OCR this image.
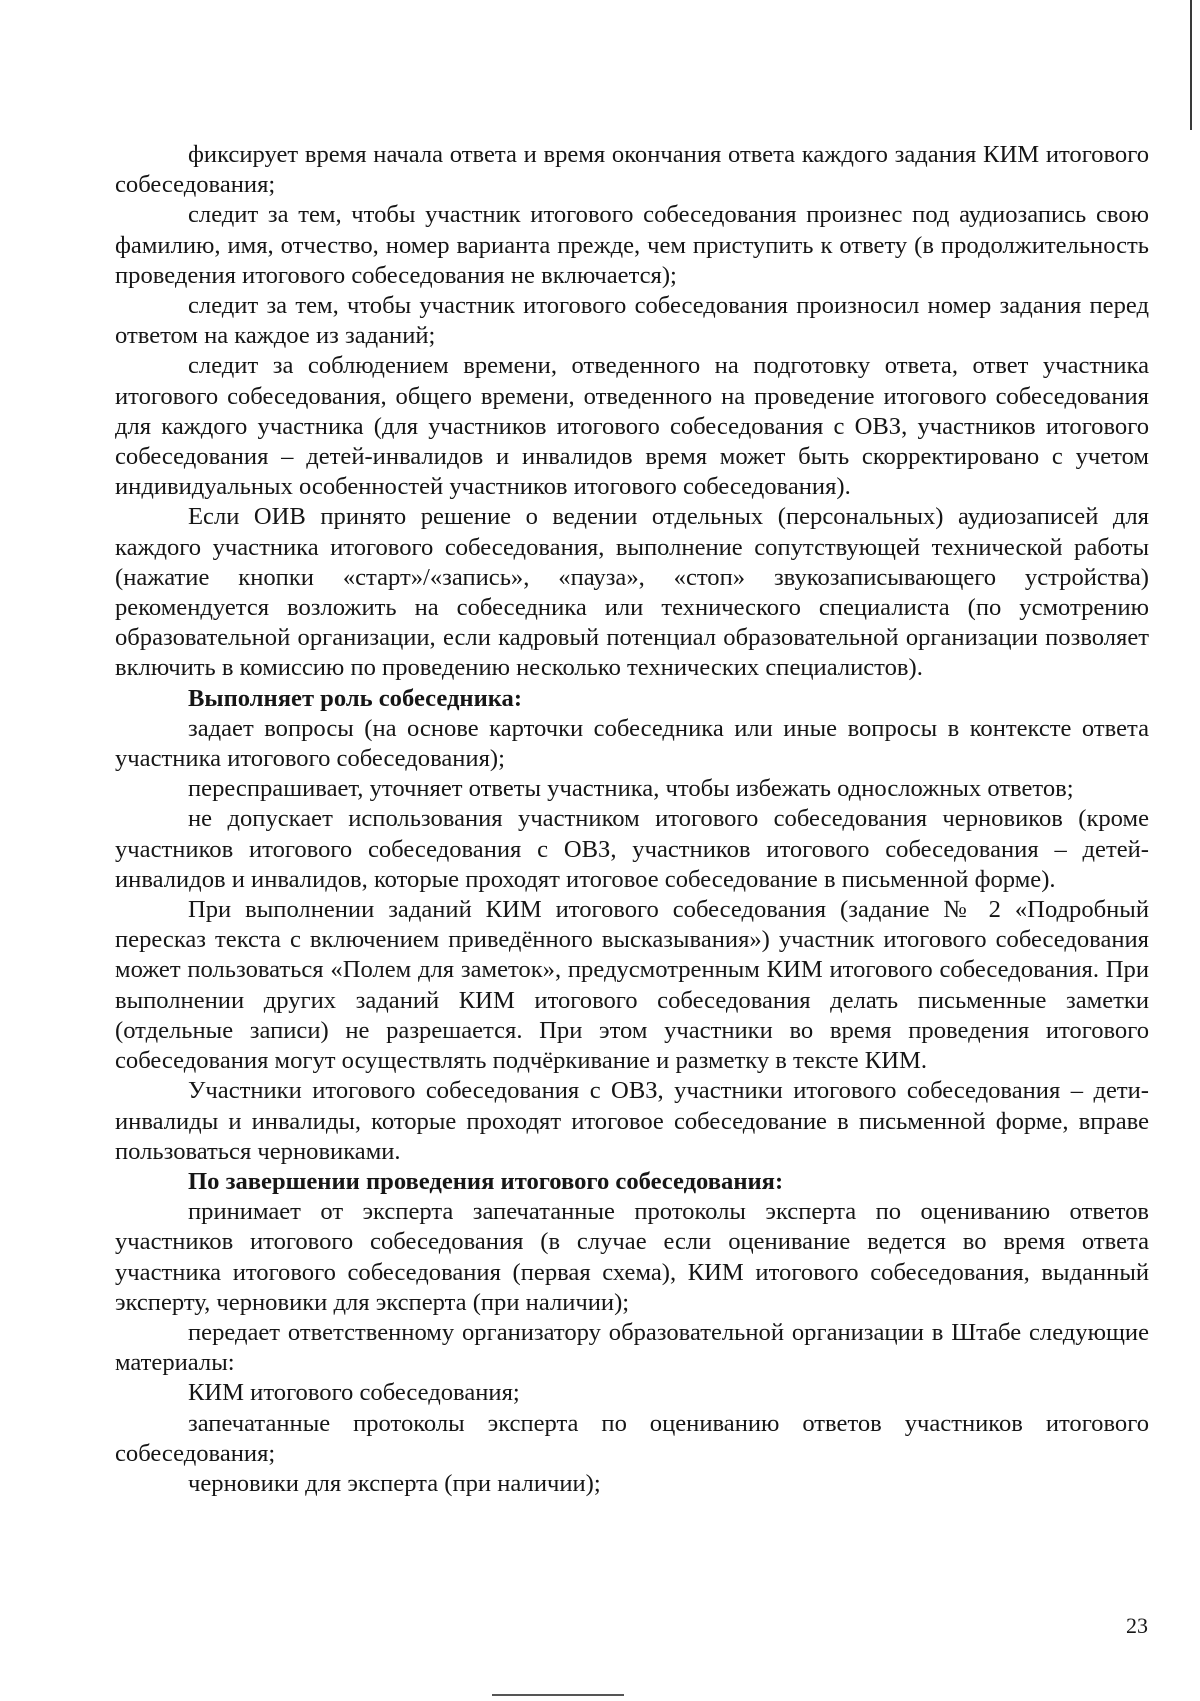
фиксирует время начала ответа и время окончания ответа каждого задания КИМ итогового собеседования;

следит за тем, чтобы участник итогового собеседования произнес под аудиозапись свою фамилию, имя, отчество, номер варианта прежде, чем приступить к ответу (в продолжительность проведения итогового собеседования не включается);

следит за тем, чтобы участник итогового собеседования произносил номер задания перед ответом на каждое из заданий;

следит за соблюдением времени, отведенного на подготовку ответа, ответ участника итогового собеседования, общего времени, отведенного на проведение итогового собеседования для каждого участника (для участников итогового собеседования с ОВЗ, участников итогового собеседования – детей-инвалидов и инвалидов время может быть скорректировано с учетом индивидуальных особенностей участников итогового собеседования).

Если ОИВ принято решение о ведении отдельных (персональных) аудиозаписей для каждого участника итогового собеседования, выполнение сопутствующей технической работы (нажатие кнопки «старт»/«запись», «пауза», «стоп» звукозаписывающего устройства) рекомендуется возложить на собеседника или технического специалиста (по усмотрению образовательной организации, если кадровый потенциал образовательной организации позволяет включить в комиссию по проведению несколько технических специалистов).

Выполняет роль собеседника:

задает вопросы (на основе карточки собеседника или иные вопросы в контексте ответа участника итогового собеседования);

переспрашивает, уточняет ответы участника, чтобы избежать односложных ответов;

не допускает использования участником итогового собеседования черновиков (кроме участников итогового собеседования с ОВЗ, участников итогового собеседования – детей-инвалидов и инвалидов, которые проходят итоговое собеседование в письменной форме).

При выполнении заданий КИМ итогового собеседования (задание № 2 «Подробный пересказ текста с включением приведённого высказывания») участник итогового собеседования может пользоваться «Полем для заметок», предусмотренным КИМ итогового собеседования. При выполнении других заданий КИМ итогового собеседования делать письменные заметки (отдельные записи) не разрешается. При этом участники во время проведения итогового собеседования могут осуществлять подчёркивание и разметку в тексте КИМ.

Участники итогового собеседования с ОВЗ, участники итогового собеседования – дети-инвалиды и инвалиды, которые проходят итоговое собеседование в письменной форме, вправе пользоваться черновиками.

По завершении проведения итогового собеседования:

принимает от эксперта запечатанные протоколы эксперта по оцениванию ответов участников итогового собеседования (в случае если оценивание ведется во время ответа участника итогового собеседования (первая схема), КИМ итогового собеседования, выданный эксперту, черновики для эксперта (при наличии);

передает ответственному организатору образовательной организации в Штабе следующие материалы:

КИМ итогового собеседования;

запечатанные протоколы эксперта по оцениванию ответов участников итогового собеседования;

черновики для эксперта (при наличии);

23
